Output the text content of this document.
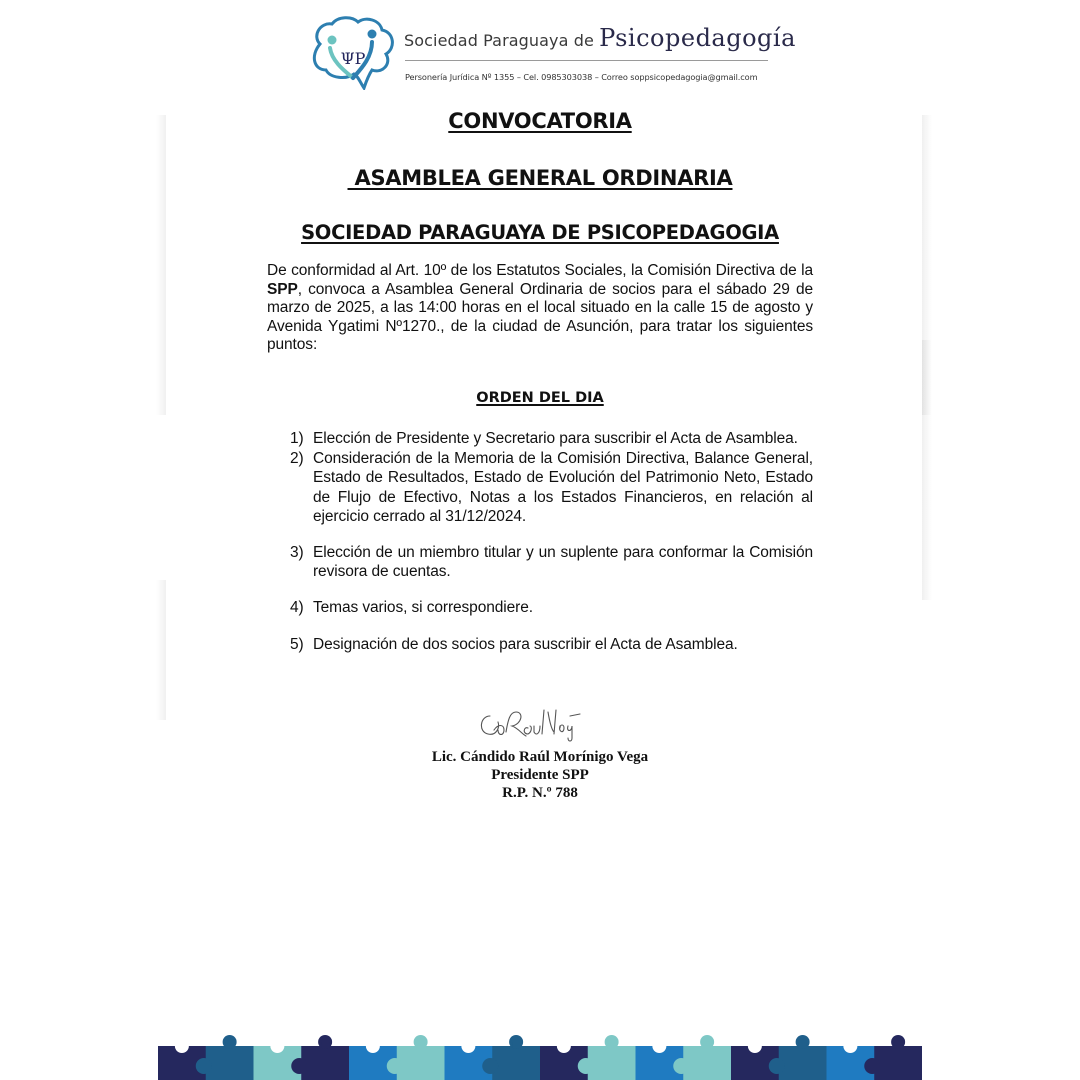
ΨP
Sociedad Paraguaya de Psicopedagogía
Personería Jurídica Nº 1355 – Cel. 0985303038 – Correo soppsicopedagogia@gmail.com
CONVOCATORIA
ASAMBLEA GENERAL ORDINARIA
SOCIEDAD PARAGUAYA DE PSICOPEDAGOGIA

De conformidad al Art. 10º de los Estatutos Sociales, la Comisión Directiva de la SPP, convoca a Asamblea General Ordinaria de socios para el sábado 29 de marzo de 2025, a las 14:00 horas en el local situado en la calle 15 de agosto y Avenida Ygatimi Nº1270., de la ciudad de Asunción, para tratar los siguientes puntos:

ORDEN DEL DIA
1) Elección de Presidente y Secretario para suscribir el Acta de Asamblea.
2) Consideración de la Memoria de la Comisión Directiva, Balance General, Estado de Resultados, Estado de Evolución del Patrimonio Neto, Estado de Flujo de Efectivo, Notas a los Estados Financieros, en relación al ejercicio cerrado al 31/12/2024.
3) Elección de un miembro titular y un suplente para conformar la Comisión revisora de cuentas.
4) Temas varios, si correspondiere.
5) Designación de dos socios para suscribir el Acta de Asamblea.
Lic. Cándido Raúl Morínigo Vega
Presidente SPP
R.P. N.º 788
